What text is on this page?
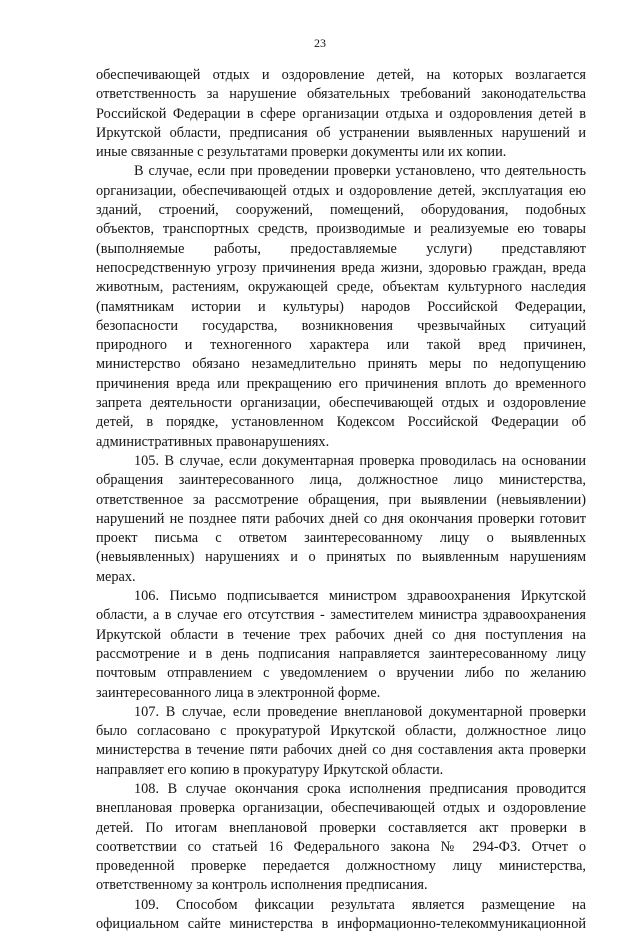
23
обеспечивающей отдых и оздоровление детей, на которых возлагается
ответственность за нарушение обязательных требований законодательства
Российской Федерации в сфере организации отдыха и оздоровления детей в
Иркутской области, предписания об устранении выявленных нарушений и
иные связанные с результатами проверки документы или их копии.
В случае, если при проведении проверки установлено, что деятельность
организации, обеспечивающей отдых и оздоровление детей, эксплуатация ею
зданий, строений, сооружений, помещений, оборудования, подобных
объектов, транспортных средств, производимые и реализуемые ею товары
(выполняемые работы, предоставляемые услуги) представляют
непосредственную угрозу причинения вреда жизни, здоровью граждан, вреда
животным, растениям, окружающей среде, объектам культурного наследия
(памятникам истории и культуры) народов Российской Федерации,
безопасности государства, возникновения чрезвычайных ситуаций
природного и техногенного характера или такой вред причинен,
министерство обязано незамедлительно принять меры по недопущению
причинения вреда или прекращению его причинения вплоть до временного
запрета деятельности организации, обеспечивающей отдых и оздоровление
детей, в порядке, установленном Кодексом Российской Федерации об
административных правонарушениях.
105. В случае, если документарная проверка проводилась на основании
обращения заинтересованного лица, должностное лицо министерства,
ответственное за рассмотрение обращения, при выявлении (невыявлении)
нарушений не позднее пяти рабочих дней со дня окончания проверки готовит
проект письма с ответом заинтересованному лицу о выявленных
(невыявленных) нарушениях и о принятых по выявленным нарушениям
мерах.
106. Письмо подписывается министром здравоохранения Иркутской
области, а в случае его отсутствия - заместителем министра здравоохранения
Иркутской области в течение трех рабочих дней со дня поступления на
рассмотрение и в день подписания направляется заинтересованному лицу
почтовым отправлением с уведомлением о вручении либо по желанию
заинтересованного лица в электронной форме.
107. В случае, если проведение внеплановой документарной проверки
было согласовано с прокуратурой Иркутской области, должностное лицо
министерства в течение пяти рабочих дней со дня составления акта проверки
направляет его копию в прокуратуру Иркутской области.
108. В случае окончания срока исполнения предписания проводится
внеплановая проверка организации, обеспечивающей отдых и оздоровление
детей. По итогам внеплановой проверки составляется акт проверки в
соответствии со статьей 16 Федерального закона № 294-ФЗ. Отчет о
проведенной проверке передается должностному лицу министерства,
ответственному за контроль исполнения предписания.
109. Способом фиксации результата является размещение на
официальном сайте министерства в информационно-телекоммуникационной
